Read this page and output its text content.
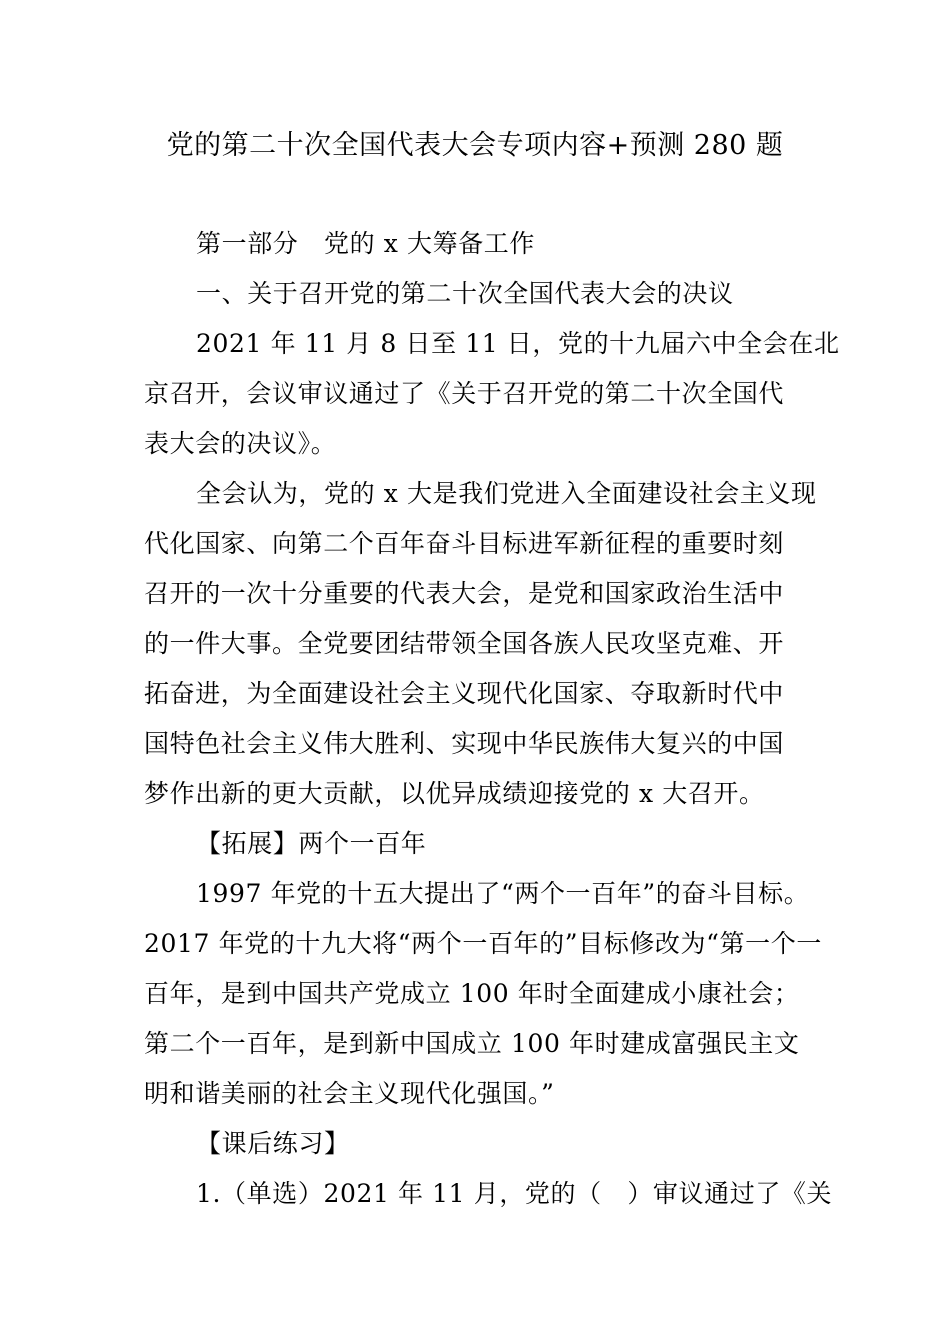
党的第二十次全国代表大会专项内容+预测 280 题
第一部分　党的 x 大筹备工作
一、关于召开党的第二十次全国代表大会的决议
2021 年 11 月 8 日至 11 日，党的十九届六中全会在北
京召开，会议审议通过了《关于召开党的第二十次全国代
表大会的决议》。
全会认为，党的 x 大是我们党进入全面建设社会主义现
代化国家、向第二个百年奋斗目标进军新征程的重要时刻
召开的一次十分重要的代表大会，是党和国家政治生活中
的一件大事。全党要团结带领全国各族人民攻坚克难、开
拓奋进，为全面建设社会主义现代化国家、夺取新时代中
国特色社会主义伟大胜利、实现中华民族伟大复兴的中国
梦作出新的更大贡献，以优异成绩迎接党的 x 大召开。
【拓展】两个一百年
1997 年党的十五大提出了“两个一百年”的奋斗目标。
2017 年党的十九大将“两个一百年的”目标修改为“第一个一
百年，是到中国共产党成立 100 年时全面建成小康社会；
第二个一百年，是到新中国成立 100 年时建成富强民主文
明和谐美丽的社会主义现代化强国。”
【课后练习】
1.（单选）2021 年 11 月，党的（　）审议通过了《关
